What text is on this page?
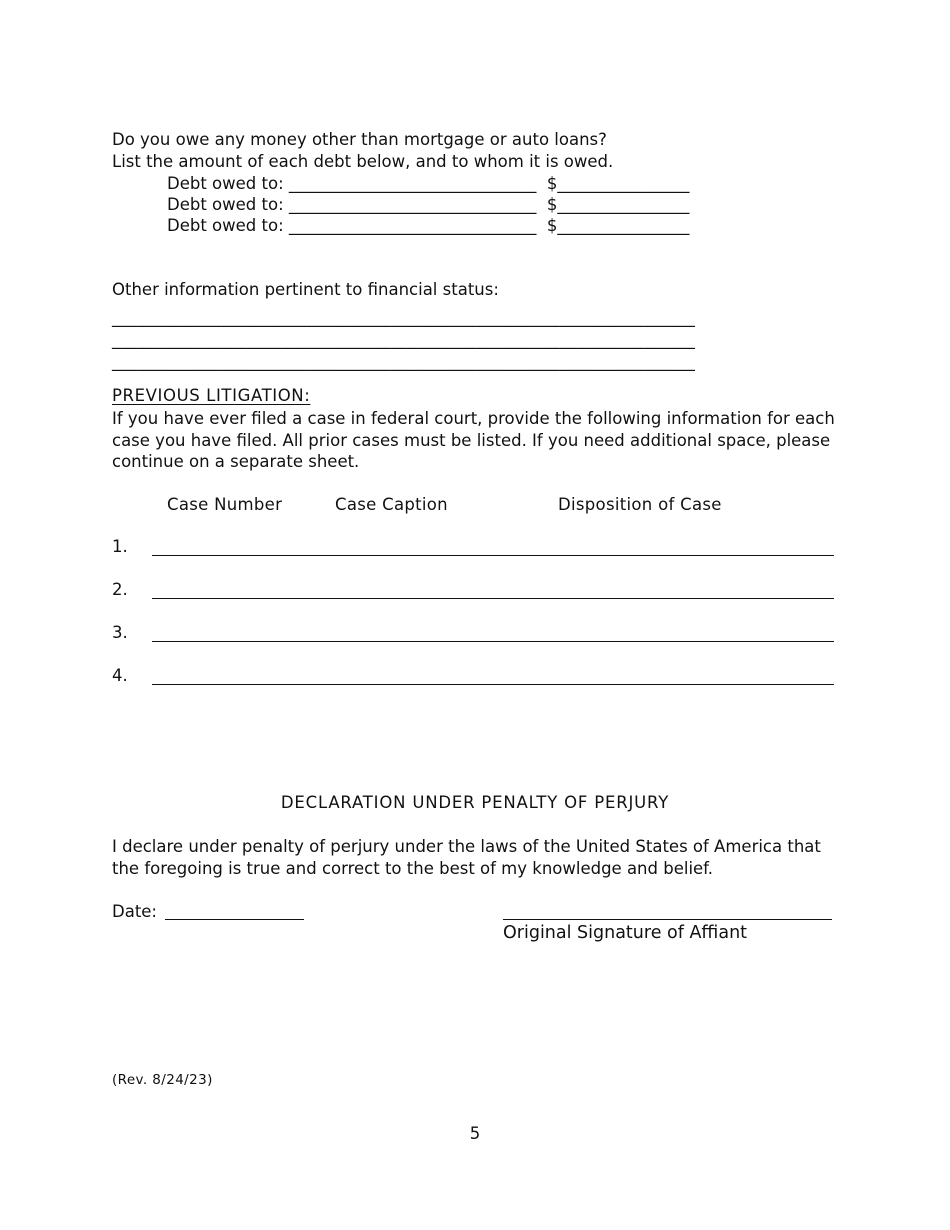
Do you owe any money other than mortgage or auto loans?
List the amount of each debt below, and to whom it is owed.
Debt owed to: ______________________________  $________________
Debt owed to: ______________________________  $________________
Debt owed to: ______________________________  $________________
Other information pertinent to financial status:
_____________________________________________________________________
_____________________________________________________________________
_____________________________________________________________________
PREVIOUS LITIGATION:
If you have ever filed a case in federal court, provide the following information for each case you have filed. All prior cases must be listed. If you need additional space, please continue on a separate sheet.
Case Number	Case Caption	Disposition of Case
1.
2.
3.
4.
DECLARATION UNDER PENALTY OF PERJURY
I declare under penalty of perjury under the laws of the United States of America that the foregoing is true and correct to the best of my knowledge and belief.
Date:
Original Signature of Affiant
(Rev. 8/24/23)
5
